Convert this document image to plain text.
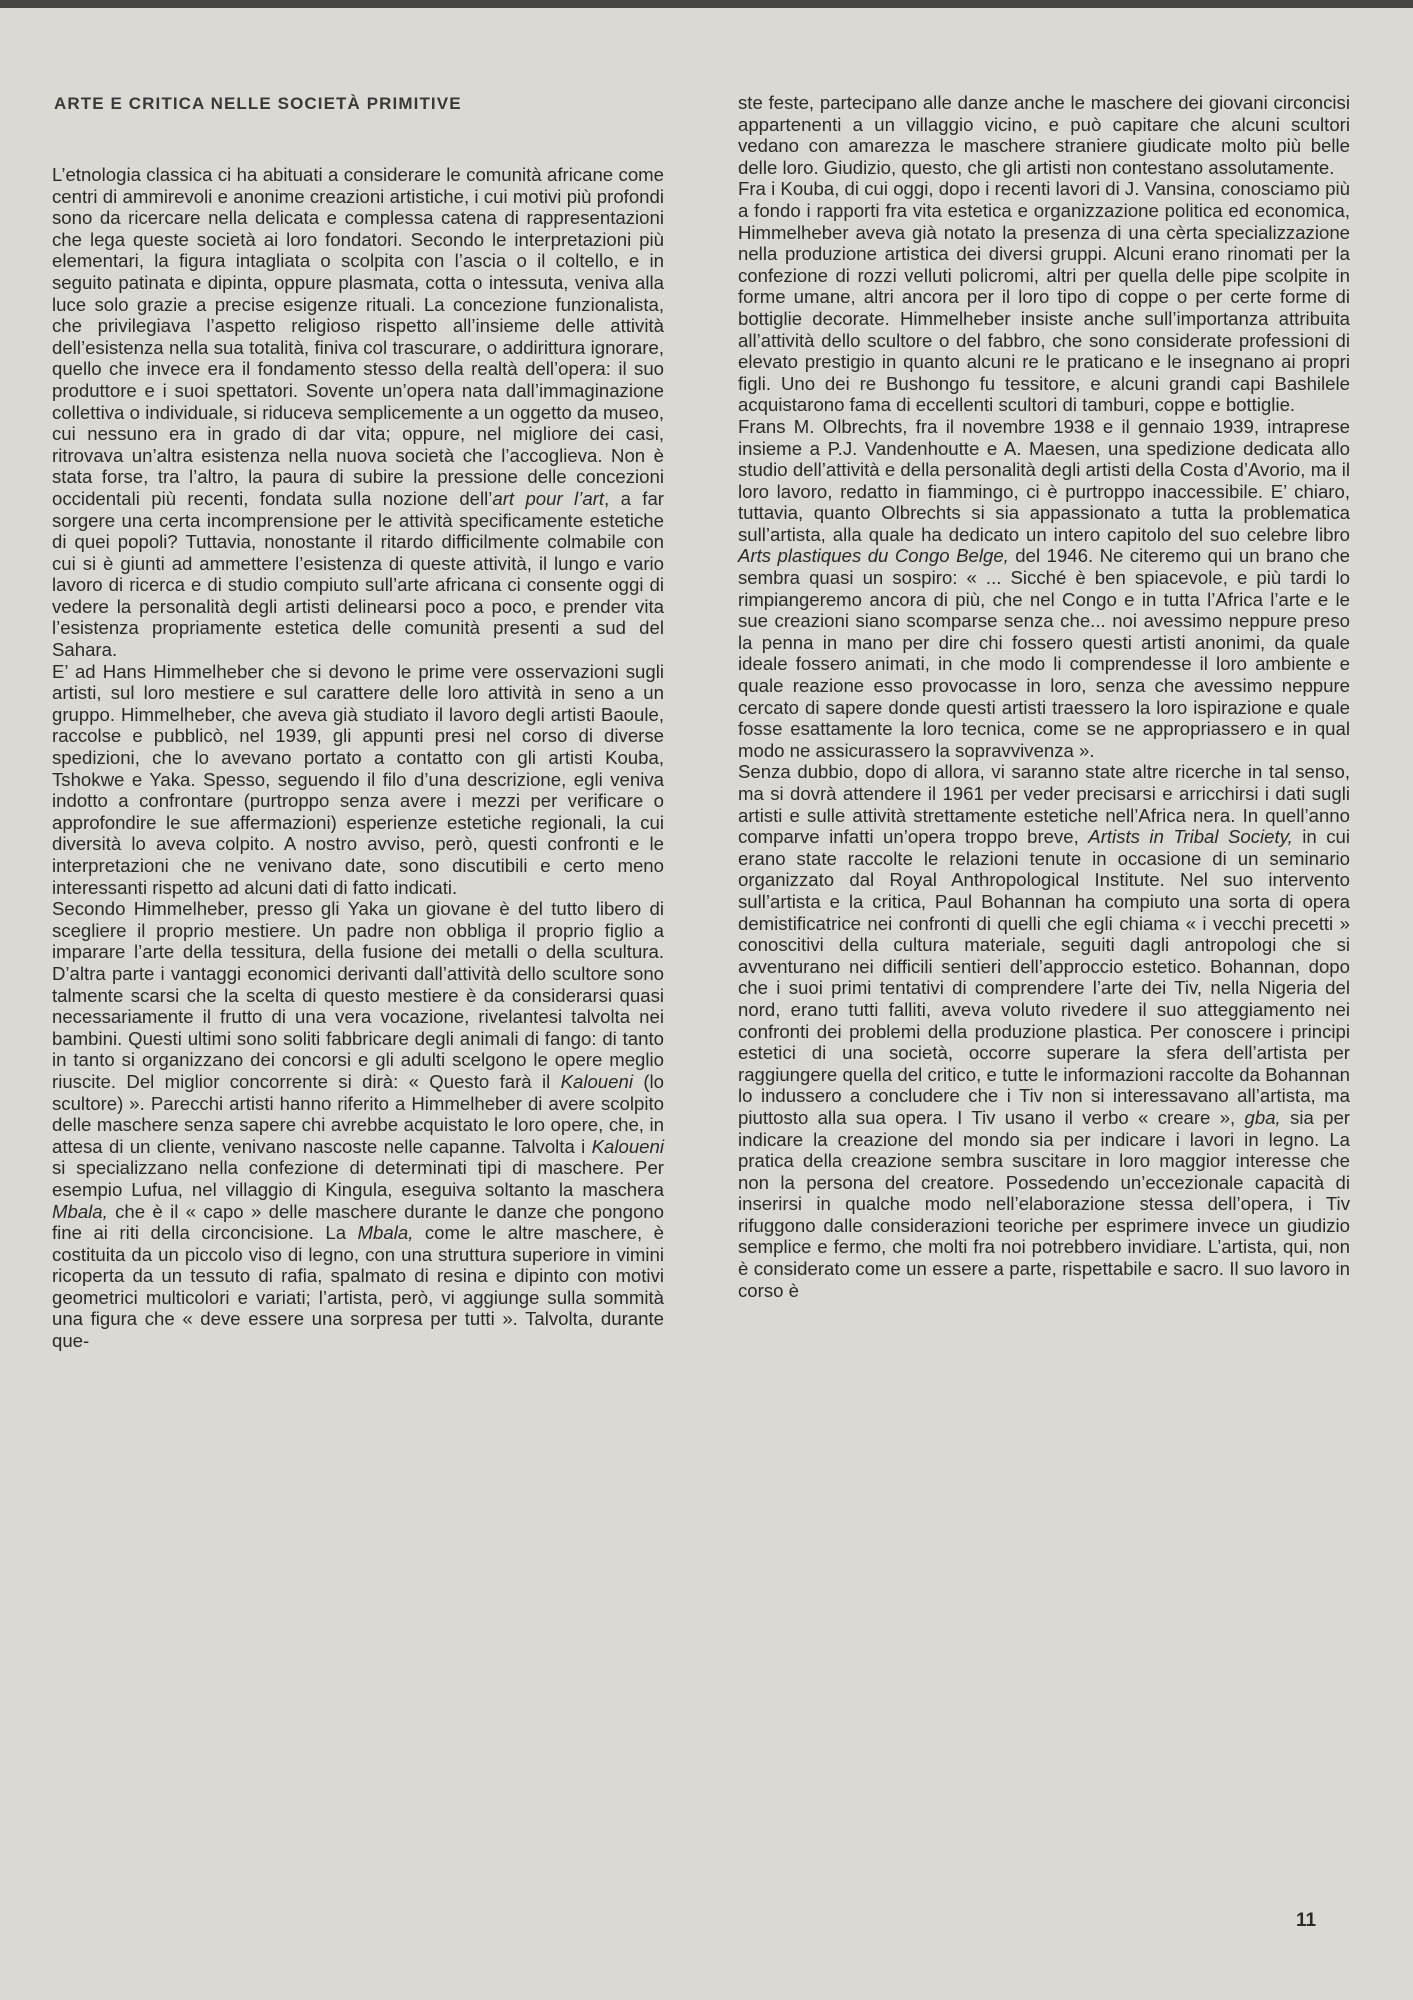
ARTE E CRITICA NELLE SOCIETÀ PRIMITIVE

L’etnologia classica ci ha abituati a considerare le comunità africane come centri di ammirevoli e anonime creazioni artistiche, i cui motivi più profondi sono da ricercare nella delicata e complessa catena di rappresentazioni che lega queste società ai loro fondatori. Secondo le interpretazioni più elementari, la figura intagliata o scolpita con l’ascia o il coltello, e in seguito patinata e dipinta, oppure plasmata, cotta o intessuta, veniva alla luce solo grazie a precise esigenze rituali. La concezione funzionalista, che privilegiava l’aspetto religioso rispetto all’insieme delle attività dell’esistenza nella sua totalità, finiva col trascurare, o addirittura ignorare, quello che invece era il fondamento stesso della realtà dell’opera: il suo produttore e i suoi spettatori. Sovente un’opera nata dall’immaginazione collettiva o individuale, si riduceva semplicemente a un oggetto da museo, cui nessuno era in grado di dar vita; oppure, nel migliore dei casi, ritrovava un’altra esistenza nella nuova società che l’accoglieva. Non è stata forse, tra l’altro, la paura di subire la pressione delle concezioni occidentali più recenti, fondata sulla nozione dell’art pour l’art, a far sorgere una certa incomprensione per le attività specificamente estetiche di quei popoli? Tuttavia, nonostante il ritardo difficilmente colmabile con cui si è giunti ad ammettere l’esistenza di queste attività, il lungo e vario lavoro di ricerca e di studio compiuto sull’arte africana ci consente oggi di vedere la personalità degli artisti delinearsi poco a poco, e prender vita l’esistenza propriamente estetica delle comunità presenti a sud del Sahara.

E’ ad Hans Himmelheber che si devono le prime vere osservazioni sugli artisti, sul loro mestiere e sul carattere delle loro attività in seno a un gruppo. Himmelheber, che aveva già studiato il lavoro degli artisti Baoule, raccolse e pubblicò, nel 1939, gli appunti presi nel corso di diverse spedizioni, che lo avevano portato a contatto con gli artisti Kouba, Tshokwe e Yaka. Spesso, seguendo il filo d’una descrizione, egli veniva indotto a confrontare (purtroppo senza avere i mezzi per verificare o approfondire le sue affermazioni) esperienze estetiche regionali, la cui diversità lo aveva colpito. A nostro avviso, però, questi confronti e le interpretazioni che ne venivano date, sono discutibili e certo meno interessanti rispetto ad alcuni dati di fatto indicati.

Secondo Himmelheber, presso gli Yaka un giovane è del tutto libero di scegliere il proprio mestiere. Un padre non obbliga il proprio figlio a imparare l’arte della tessitura, della fusione dei metalli o della scultura. D’altra parte i vantaggi economici derivanti dall’attività dello scultore sono talmente scarsi che la scelta di questo mestiere è da considerarsi quasi necessariamente il frutto di una vera vocazione, rivelantesi talvolta nei bambini. Questi ultimi sono soliti fabbricare degli animali di fango: di tanto in tanto si organizzano dei concorsi e gli adulti scelgono le opere meglio riuscite. Del miglior concorrente si dirà: « Questo farà il Kaloueni (lo scultore) ». Parecchi artisti hanno riferito a Himmelheber di avere scolpito delle maschere senza sapere chi avrebbe acquistato le loro opere, che, in attesa di un cliente, venivano nascoste nelle capanne. Talvolta i Kaloueni si specializzano nella confezione di determinati tipi di maschere. Per esempio Lufua, nel villaggio di Kingula, eseguiva soltanto la maschera Mbala, che è il « capo » delle maschere durante le danze che pongono fine ai riti della circoncisione. La Mbala, come le altre maschere, è costituita da un piccolo viso di legno, con una struttura superiore in vimini ricoperta da un tessuto di rafia, spalmato di resina e dipinto con motivi geometrici multicolori e variati; l’artista, però, vi aggiunge sulla sommità una figura che « deve essere una sorpresa per tutti ». Talvolta, durante que-

ste feste, partecipano alle danze anche le maschere dei giovani circoncisi appartenenti a un villaggio vicino, e può capitare che alcuni scultori vedano con amarezza le maschere straniere giudicate molto più belle delle loro. Giudizio, questo, che gli artisti non contestano assolutamente.

Fra i Kouba, di cui oggi, dopo i recenti lavori di J. Vansina, conosciamo più a fondo i rapporti fra vita estetica e organizzazione politica ed economica, Himmelheber aveva già notato la presenza di una cèrta specializzazione nella produzione artistica dei diversi gruppi. Alcuni erano rinomati per la confezione di rozzi velluti policromi, altri per quella delle pipe scolpite in forme umane, altri ancora per il loro tipo di coppe o per certe forme di bottiglie decorate. Himmelheber insiste anche sull’importanza attribuita all’attività dello scultore o del fabbro, che sono considerate professioni di elevato prestigio in quanto alcuni re le praticano e le insegnano ai propri figli. Uno dei re Bushongo fu tessitore, e alcuni grandi capi Bashilele acquistarono fama di eccellenti scultori di tamburi, coppe e bottiglie.

Frans M. Olbrechts, fra il novembre 1938 e il gennaio 1939, intraprese insieme a P.J. Vandenhoutte e A. Maesen, una spedizione dedicata allo studio dell’attività e della personalità degli artisti della Costa d’Avorio, ma il loro lavoro, redatto in fiammingo, ci è purtroppo inaccessibile. E’ chiaro, tuttavia, quanto Olbrechts si sia appassionato a tutta la problematica sull’artista, alla quale ha dedicato un intero capitolo del suo celebre libro Arts plastiques du Congo Belge, del 1946. Ne citeremo qui un brano che sembra quasi un sospiro: « ... Sicché è ben spiacevole, e più tardi lo rimpiangeremo ancora di più, che nel Congo e in tutta l’Africa l’arte e le sue creazioni siano scomparse senza che... noi avessimo neppure preso la penna in mano per dire chi fossero questi artisti anonimi, da quale ideale fossero animati, in che modo li comprendesse il loro ambiente e quale reazione esso provocasse in loro, senza che avessimo neppure cercato di sapere donde questi artisti traessero la loro ispirazione e quale fosse esattamente la loro tecnica, come se ne appropriassero e in qual modo ne assicurassero la sopravvivenza ».

Senza dubbio, dopo di allora, vi saranno state altre ricerche in tal senso, ma si dovrà attendere il 1961 per veder precisarsi e arricchirsi i dati sugli artisti e sulle attività strettamente estetiche nell’Africa nera. In quell’anno comparve infatti un’opera troppo breve, Artists in Tribal Society, in cui erano state raccolte le relazioni tenute in occasione di un seminario organizzato dal Royal Anthropological Institute. Nel suo intervento sull’artista e la critica, Paul Bohannan ha compiuto una sorta di opera demistificatrice nei confronti di quelli che egli chiama « i vecchi precetti » conoscitivi della cultura materiale, seguiti dagli antropologi che si avventurano nei difficili sentieri dell’approccio estetico. Bohannan, dopo che i suoi primi tentativi di comprendere l’arte dei Tiv, nella Nigeria del nord, erano tutti falliti, aveva voluto rivedere il suo atteggiamento nei confronti dei problemi della produzione plastica. Per conoscere i principi estetici di una società, occorre superare la sfera dell’artista per raggiungere quella del critico, e tutte le informazioni raccolte da Bohannan lo indussero a concludere che i Tiv non si interessavano all’artista, ma piuttosto alla sua opera. I Tiv usano il verbo « creare », gba, sia per indicare la creazione del mondo sia per indicare i lavori in legno. La pratica della creazione sembra suscitare in loro maggior interesse che non la persona del creatore. Possedendo un’eccezionale capacità di inserirsi in qualche modo nell’elaborazione stessa dell’opera, i Tiv rifuggono dalle considerazioni teoriche per esprimere invece un giudizio semplice e fermo, che molti fra noi potrebbero invidiare. L’artista, qui, non è considerato come un essere a parte, rispettabile e sacro. Il suo lavoro in corso è

11
